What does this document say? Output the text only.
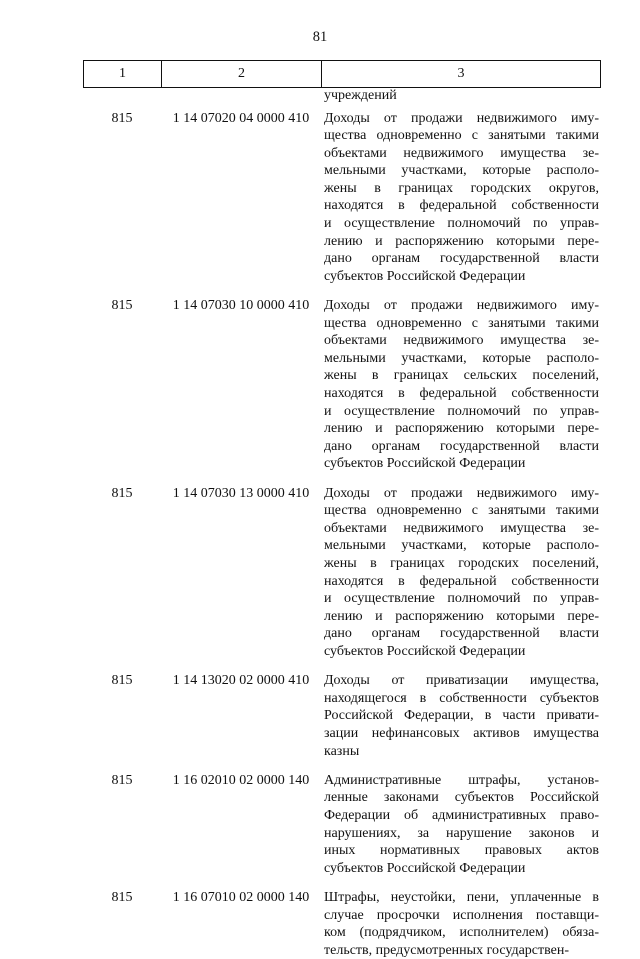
81
1	2	3
учреждений
815	1 14 07020 04 0000 410	Доходы от продажи недвижимого иму-
щества одновременно с занятыми такими
объектами недвижимого имущества зе-
мельными участками, которые располо-
жены в границах городских округов,
находятся в федеральной собственности
и осуществление полномочий по управ-
лению и распоряжению которыми пере-
дано органам государственной власти
субъектов Российской Федерации
815	1 14 07030 10 0000 410	Доходы от продажи недвижимого иму-
щества одновременно с занятыми такими
объектами недвижимого имущества зе-
мельными участками, которые располо-
жены в границах сельских поселений,
находятся в федеральной собственности
и осуществление полномочий по управ-
лению и распоряжению которыми пере-
дано органам государственной власти
субъектов Российской Федерации
815	1 14 07030 13 0000 410	Доходы от продажи недвижимого иму-
щества одновременно с занятыми такими
объектами недвижимого имущества зе-
мельными участками, которые располо-
жены в границах городских поселений,
находятся в федеральной собственности
и осуществление полномочий по управ-
лению и распоряжению которыми пере-
дано органам государственной власти
субъектов Российской Федерации
815	1 14 13020 02 0000 410	Доходы от приватизации имущества,
находящегося в собственности субъектов
Российской Федерации, в части привати-
зации нефинансовых активов имущества
казны
815	1 16 02010 02 0000 140	Административные штрафы, установ-
ленные законами субъектов Российской
Федерации об административных право-
нарушениях, за нарушение законов и
иных нормативных правовых актов
субъектов Российской Федерации
815	1 16 07010 02 0000 140	Штрафы, неустойки, пени, уплаченные в
случае просрочки исполнения поставщи-
ком (подрядчиком, исполнителем) обяза-
тельств, предусмотренных государствен-
